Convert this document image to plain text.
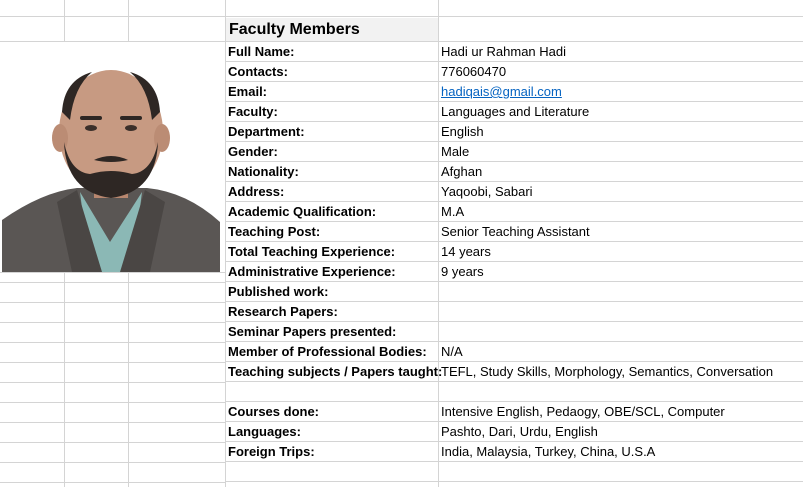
Faculty Members
Full Name:	Hadi ur Rahman Hadi
Contacts:	776060470
Email:	hadiqais@gmail.com
Faculty:	Languages and Literature
Department:	English
Gender:	Male
Nationality:	Afghan
Address:	Yaqoobi, Sabari
Academic Qualification:	M.A
Teaching Post:	Senior Teaching Assistant
Total Teaching Experience:	14 years
Administrative Experience:	9 years
Published work:
Research Papers:
Seminar Papers presented:
Member of Professional Bodies: N/A
Teaching subjects / Papers taught:
TEFL, Study Skills, Morphology, Semantics, Conversation
Courses done:	Intensive English, Pedaogy, OBE/SCL, Computer
Languages:	Pashto, Dari, Urdu, English
Foreign Trips:	India, Malaysia, Turkey, China, U.S.A
